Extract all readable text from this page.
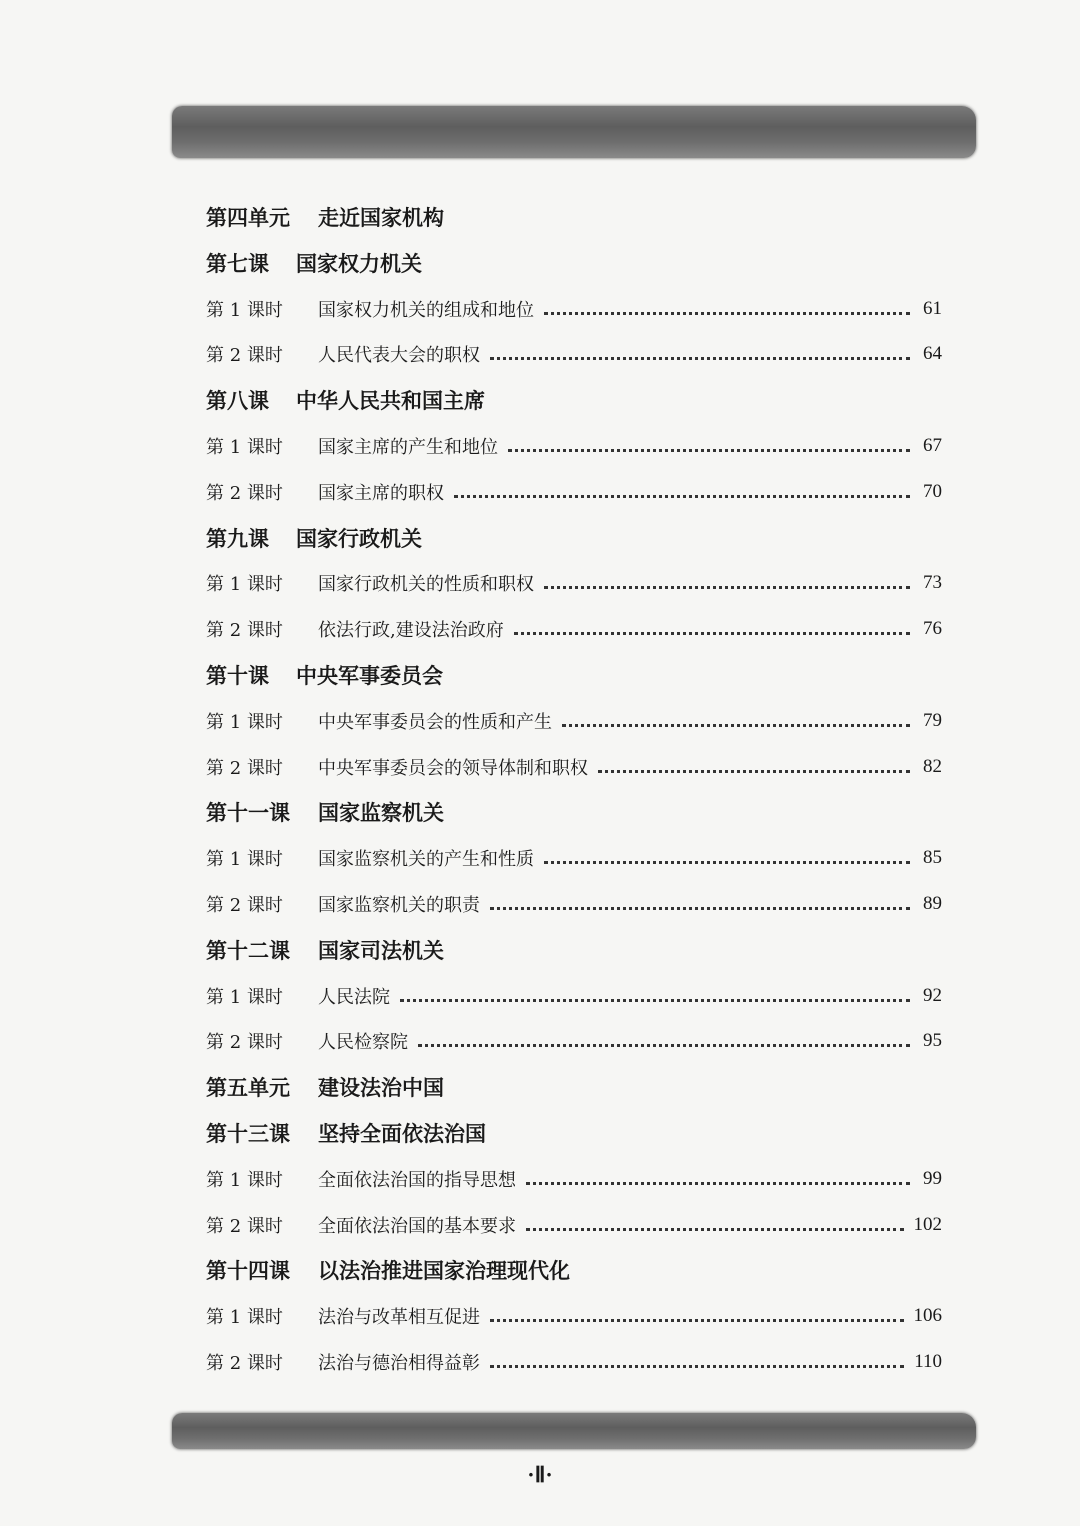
第四单元	走近国家机构
第七课	国家权力机关
第 1 课时	国家权力机关的组成和地位	61
第 2 课时	人民代表大会的职权	64
第八课	中华人民共和国主席
第 1 课时	国家主席的产生和地位	67
第 2 课时	国家主席的职权	70
第九课	国家行政机关
第 1 课时	国家行政机关的性质和职权	73
第 2 课时	依法行政,建设法治政府	76
第十课	中央军事委员会
第 1 课时	中央军事委员会的性质和产生	79
第 2 课时	中央军事委员会的领导体制和职权	82
第十一课	国家监察机关
第 1 课时	国家监察机关的产生和性质	85
第 2 课时	国家监察机关的职责	89
第十二课	国家司法机关
第 1 课时	人民法院	92
第 2 课时	人民检察院	95
第五单元	建设法治中国
第十三课	坚持全面依法治国
第 1 课时	全面依法治国的指导思想	99
第 2 课时	全面依法治国的基本要求	102
第十四课	以法治推进国家治理现代化
第 1 课时	法治与改革相互促进	106
第 2 课时	法治与德治相得益彰	110
·Ⅱ·
